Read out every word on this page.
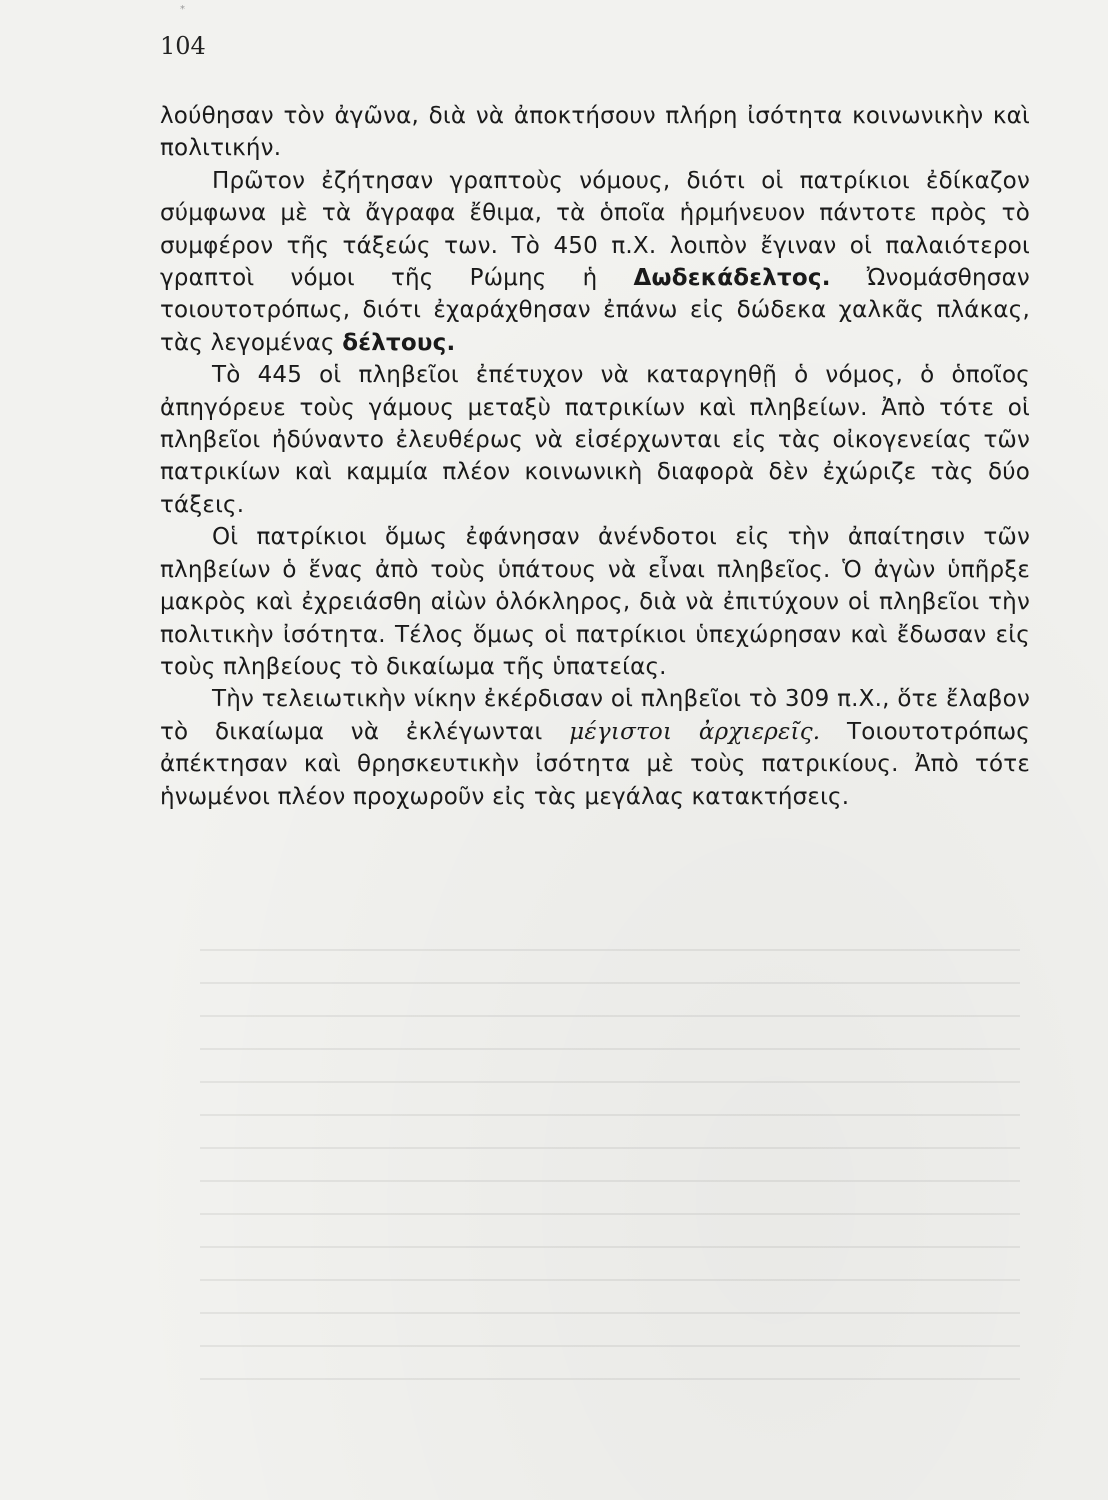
*
104

λούθησαν τὸν ἀγῶνα, διὰ νὰ ἀποκτήσουν πλήρη ἰσότητα κοινωνικὴν καὶ πολιτικήν.

Πρῶτον ἐζήτησαν γραπτοὺς νόμους, διότι οἱ πατρίκιοι ἐδίκαζον σύμφωνα μὲ τὰ ἄγραφα ἔθιμα, τὰ ὁποῖα ἡρμήνευον πάντοτε πρὸς τὸ συμφέρον τῆς τάξεώς των. Τὸ 450 π.Χ. λοιπὸν ἔγιναν οἱ παλαιότεροι γραπτοὶ νόμοι τῆς Ρώμης ἡ Δωδεκάδελτος. Ὠνομάσθησαν τοιουτοτρόπως, διότι ἐχαράχθησαν ἐπάνω εἰς δώδεκα χαλκᾶς πλάκας, τὰς λεγομένας δέλτους.

Τὸ 445 οἱ πληβεῖοι ἐπέτυχον νὰ καταργηθῇ ὁ νόμος, ὁ ὁποῖος ἀπηγόρευε τοὺς γάμους μεταξὺ πατρικίων καὶ πληβείων. Ἀπὸ τότε οἱ πληβεῖοι ἠδύναντο ἐλευθέρως νὰ εἰσέρχωνται εἰς τὰς οἰκογενείας τῶν πατρικίων καὶ καμμία πλέον κοινωνικὴ διαφορὰ δὲν ἐχώριζε τὰς δύο τάξεις.

Οἱ πατρίκιοι ὅμως ἐφάνησαν ἀνένδοτοι εἰς τὴν ἀπαίτησιν τῶν πληβείων ὁ ἕνας ἀπὸ τοὺς ὑπάτους νὰ εἶναι πληβεῖος. Ὁ ἀγὼν ὑπῆρξε μακρὸς καὶ ἐχρειάσθη αἰὼν ὁλόκληρος, διὰ νὰ ἐπιτύχουν οἱ πληβεῖοι τὴν πολιτικὴν ἰσότητα. Τέλος ὅμως οἱ πατρίκιοι ὑπεχώρησαν καὶ ἔδωσαν εἰς τοὺς πληβείους τὸ δικαίωμα τῆς ὑπατείας.

Τὴν τελειωτικὴν νίκην ἐκέρδισαν οἱ πληβεῖοι τὸ 309 π.Χ., ὅτε ἔλαβον τὸ δικαίωμα νὰ ἐκλέγωνται μέγιστοι ἀρχιερεῖς. Τοιουτοτρόπως ἀπέκτησαν καὶ θρησκευτικὴν ἰσότητα μὲ τοὺς πατρικίους. Ἀπὸ τότε ἡνωμένοι πλέον προχωροῦν εἰς τὰς μεγάλας κατακτήσεις.
